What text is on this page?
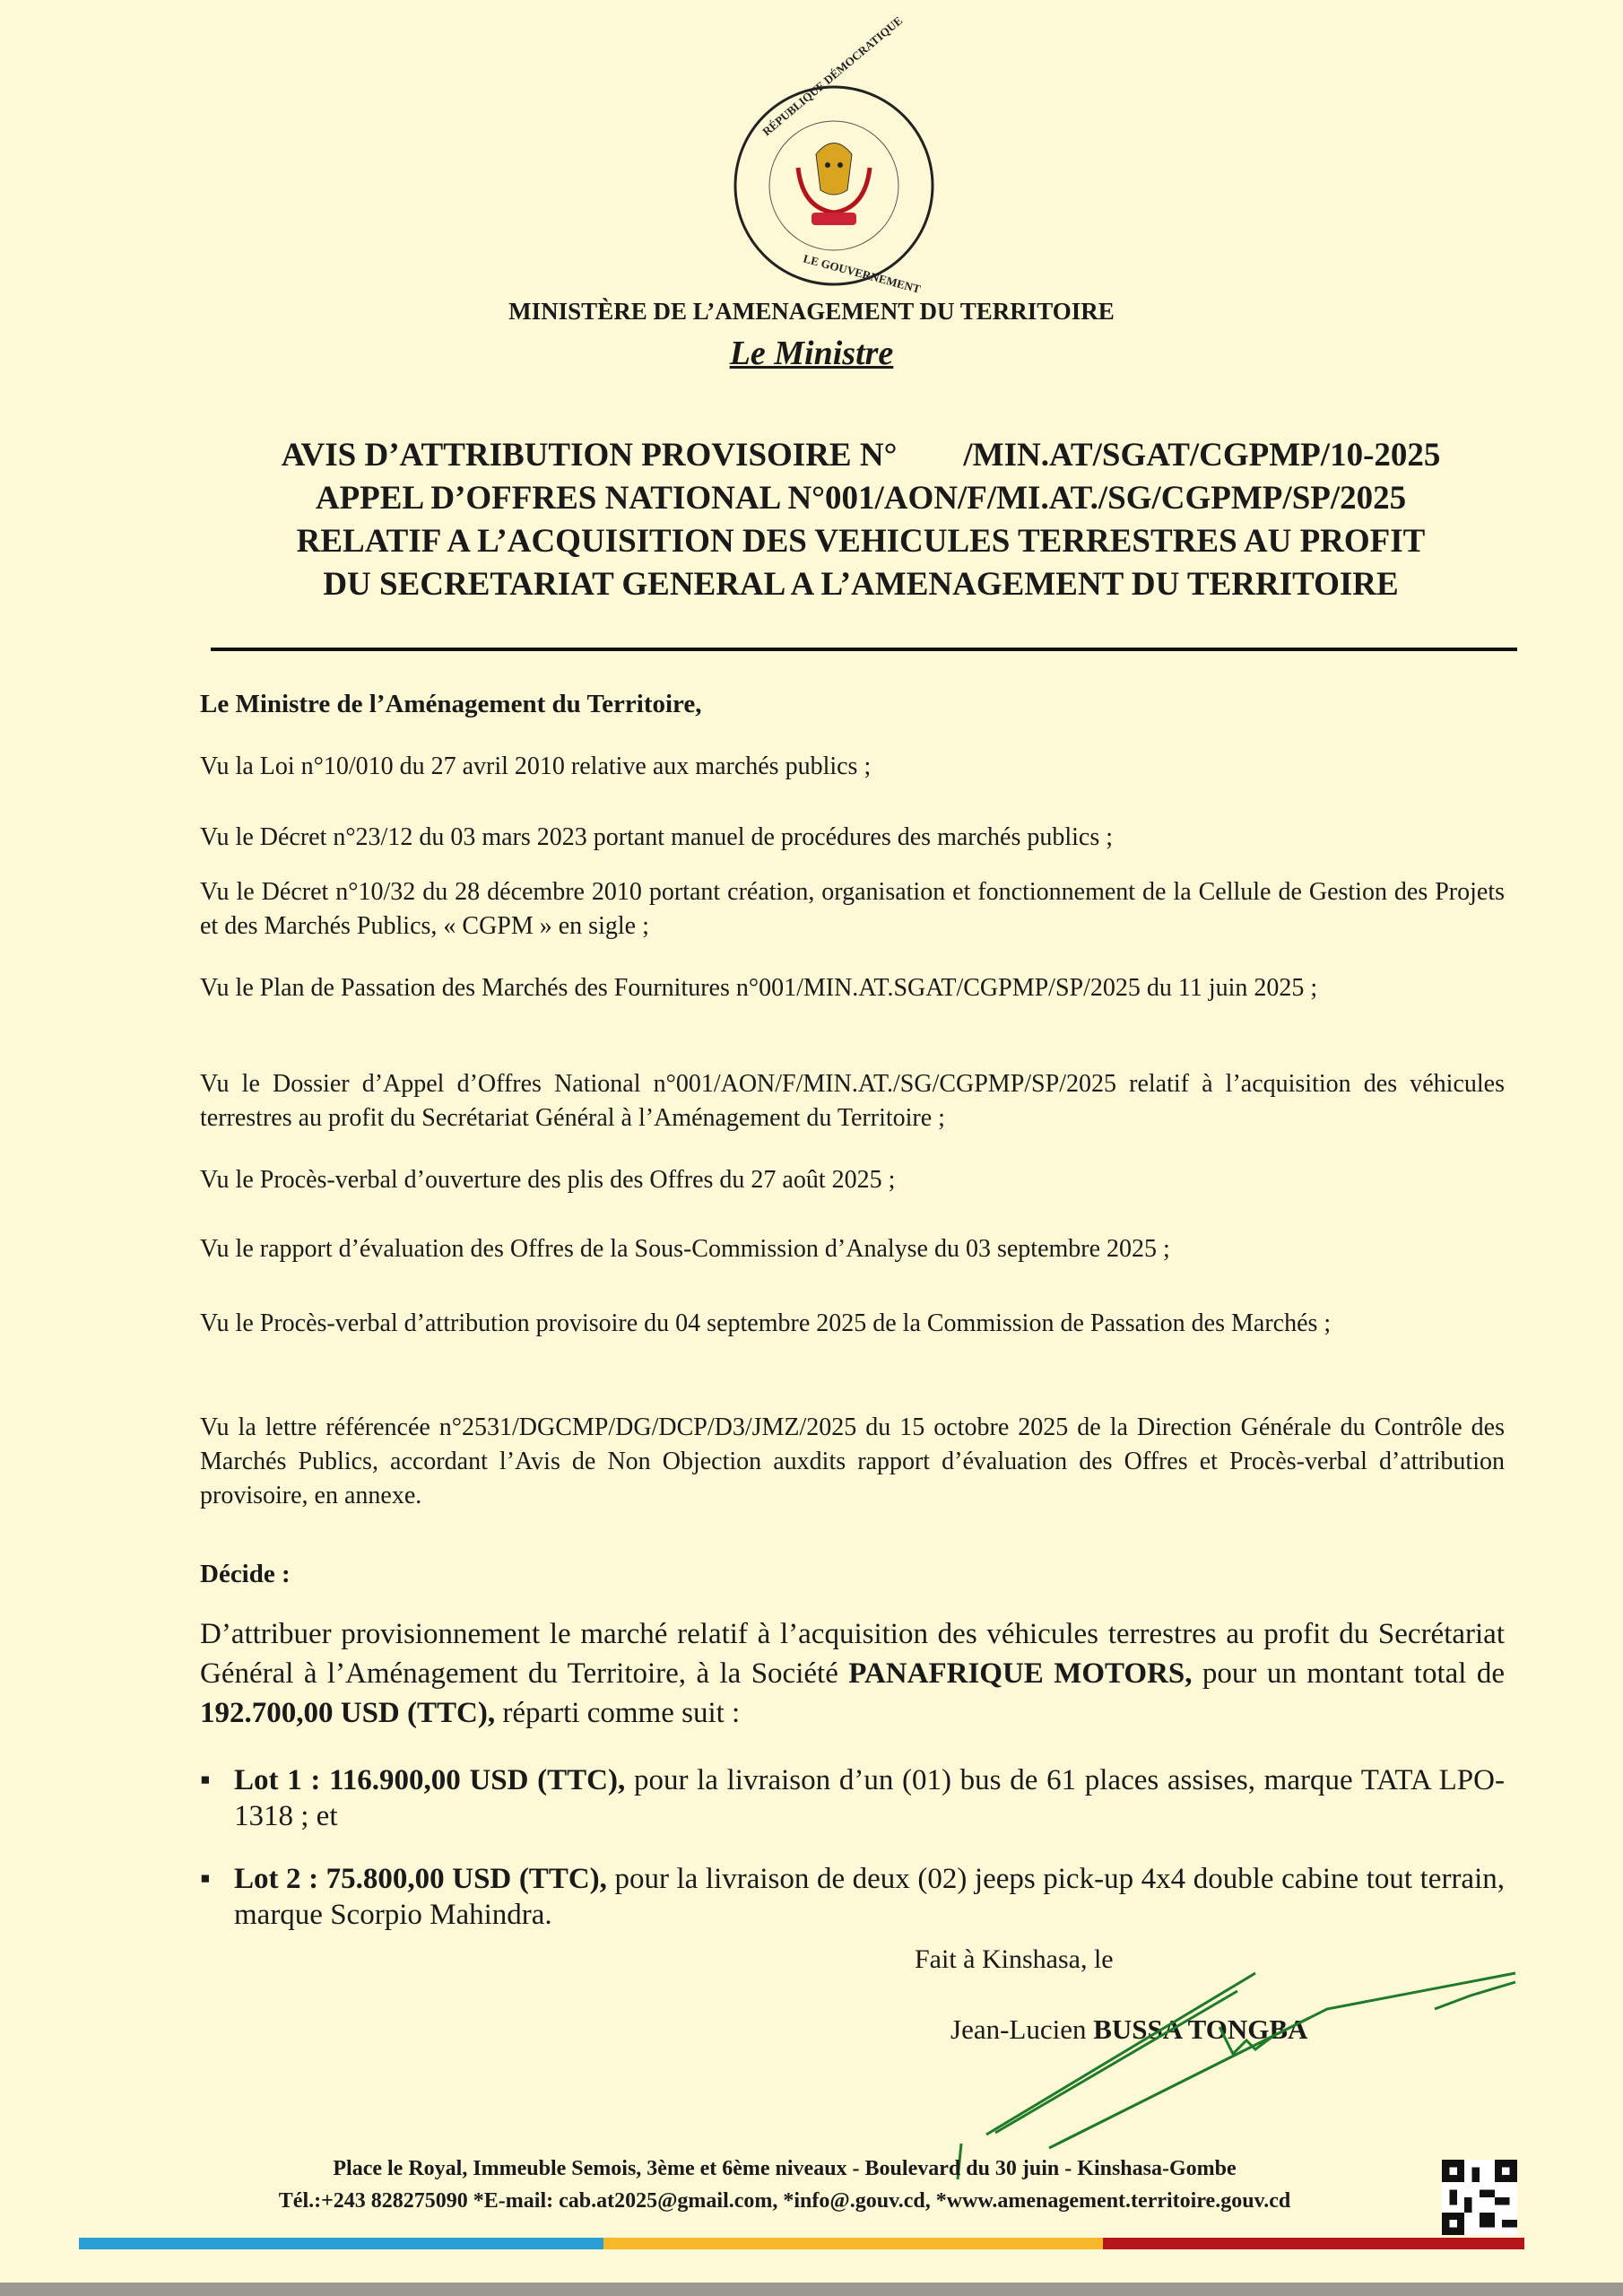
RÉPUBLIQUE DÉMOCRATIQUE
LE GOUVERNEMENT
MINISTÈRE DE L’AMENAGEMENT DU TERRITOIRE
Le Ministre
AVIS D’ATTRIBUTION PROVISOIRE N°        /MIN.AT/SGAT/CGPMP/10-2025
APPEL D’OFFRES NATIONAL N°001/AON/F/MI.AT./SG/CGPMP/SP/2025
RELATIF A L’ACQUISITION DES VEHICULES TERRESTRES AU PROFIT
DU SECRETARIAT GENERAL A L’AMENAGEMENT DU TERRITOIRE
Le Ministre de l’Aménagement du Territoire,
Vu la Loi n°10/010 du 27 avril 2010 relative aux marchés publics ;
Vu le Décret n°23/12 du 03 mars 2023 portant manuel de procédures des marchés publics ;
Vu le Décret n°10/32 du 28 décembre 2010 portant création, organisation et fonctionnement de la Cellule de Gestion des Projets et des Marchés Publics, « CGPM » en sigle ;
Vu le Plan de Passation des Marchés des Fournitures n°001/MIN.AT.SGAT/CGPMP/SP/2025 du 11 juin 2025 ;
Vu le Dossier d’Appel d’Offres National n°001/AON/F/MIN.AT./SG/CGPMP/SP/2025 relatif à l’acquisition des véhicules terrestres au profit du Secrétariat Général à l’Aménagement du Territoire ;
Vu le Procès-verbal d’ouverture des plis des Offres du 27 août 2025 ;
Vu le rapport d’évaluation des Offres de la Sous-Commission d’Analyse du 03 septembre 2025 ;
Vu le Procès-verbal d’attribution provisoire du 04 septembre 2025 de la Commission de Passation des Marchés ;
Vu la lettre référencée n°2531/DGCMP/DG/DCP/D3/JMZ/2025 du 15 octobre 2025 de la Direction Générale du Contrôle des Marchés Publics, accordant l’Avis de Non Objection auxdits rapport d’évaluation des Offres et Procès-verbal d’attribution provisoire, en annexe.
Décide :
D’attribuer provisionnement le marché relatif à l’acquisition des véhicules terrestres au profit du Secrétariat Général à l’Aménagement du Territoire, à la Société PANAFRIQUE MOTORS, pour un montant total de 192.700,00 USD (TTC), réparti comme suit :
▪ Lot 1 : 116.900,00 USD (TTC), pour la livraison d’un (01) bus de 61 places assises, marque TATA LPO-1318 ; et
▪ Lot 2 : 75.800,00 USD (TTC), pour la livraison de deux (02) jeeps pick-up 4x4 double cabine tout terrain, marque Scorpio Mahindra.
Fait à Kinshasa, le
Jean-Lucien BUSSA TONGBA
Place le Royal, Immeuble Semois, 3ème et 6ème niveaux - Boulevard du 30 juin - Kinshasa-Gombe
Tél.:+243 828275090 *E-mail: cab.at2025@gmail.com, *info@.gouv.cd, *www.amenagement.territoire.gouv.cd
